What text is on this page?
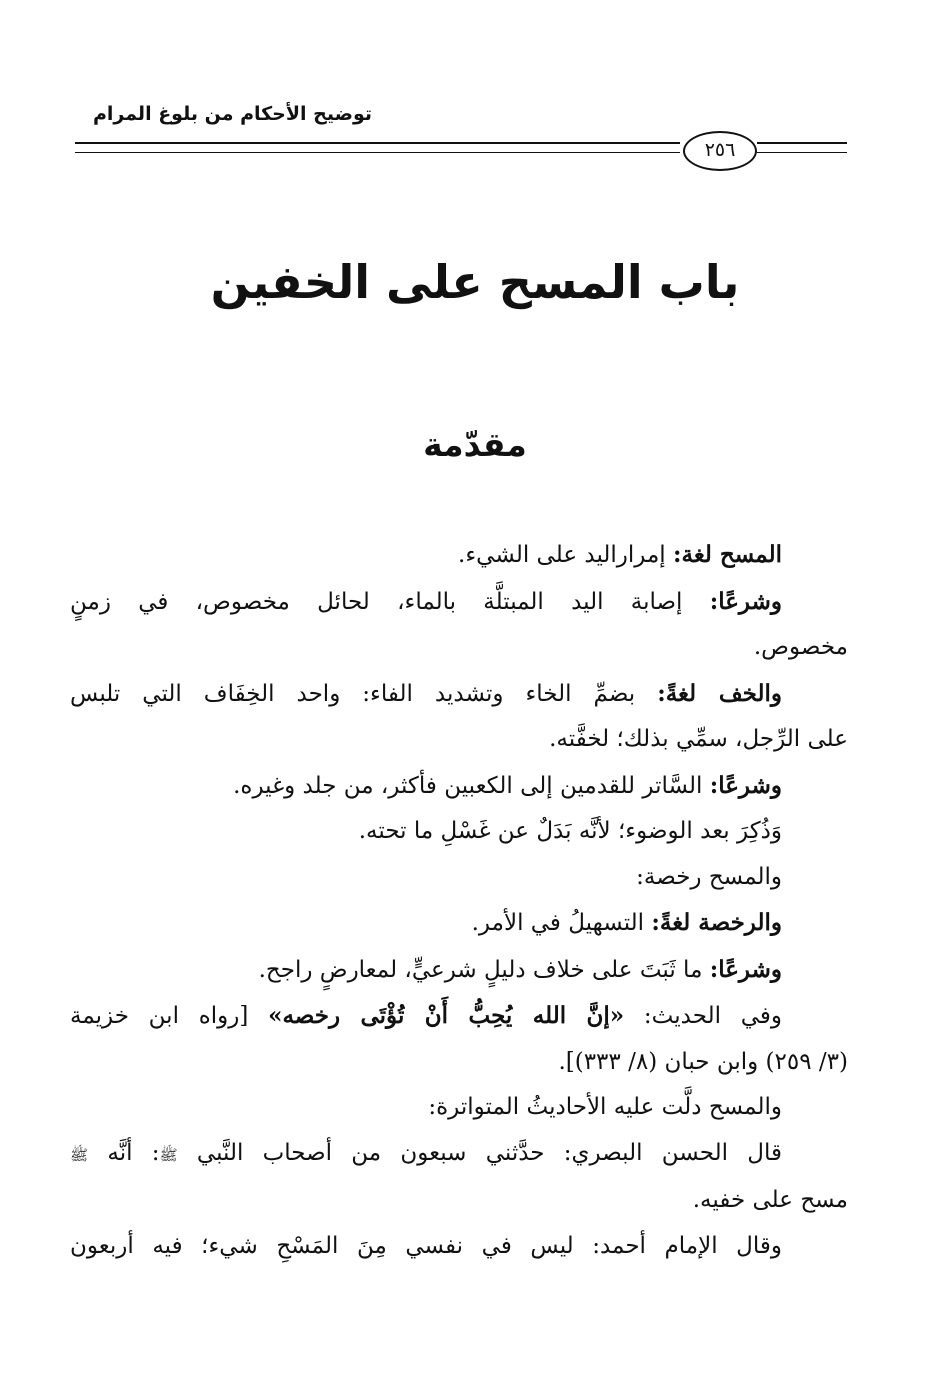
توضيح الأحكام من بلوغ المرام
٢٥٦
باب المسح على الخفين
مقدّمة
المسح لغة: إمرارالید علی الشيء.
وشرعًا: إصابة اليد المبتلَّة بالماء، لحائل مخصوص، في زمنٍ
مخصوص.
والخف لغةً: بضمِّ الخاء وتشديد الفاء: واحد الخِفَاف التي تلبس
على الرِّجل، سمِّي بذلك؛ لخفَّته.
وشرعًا: السَّاتر للقدمين إلى الكعبين فأكثر، من جلد وغيره.
وَذُكِرَ بعد الوضوء؛ لأنَّه بَدَلٌ عن غَسْلِ ما تحته.
والمسح رخصة:
والرخصة لغةً: التسهيلُ في الأمر.
وشرعًا: ما ثَبَتَ على خلاف دليلٍ شرعيٍّ، لمعارضٍ راجح.
وفي الحديث: «إنَّ الله يُحِبُّ أَنْ تُؤْتَى رخصه» [رواه ابن خزيمة
(٣/ ٢٥٩) وابن حبان (٨/ ٣٣٣)].
والمسح دلَّت عليه الأحاديثُ المتواترة:
قال الحسن البصري: حدَّثني سبعون من أصحاب النَّبي ﷺ: أنَّه ﷺ
مسح على خفيه.
وقال الإمام أحمد: ليس في نفسي مِنَ المَسْحِ شيء؛ فيه أربعون
